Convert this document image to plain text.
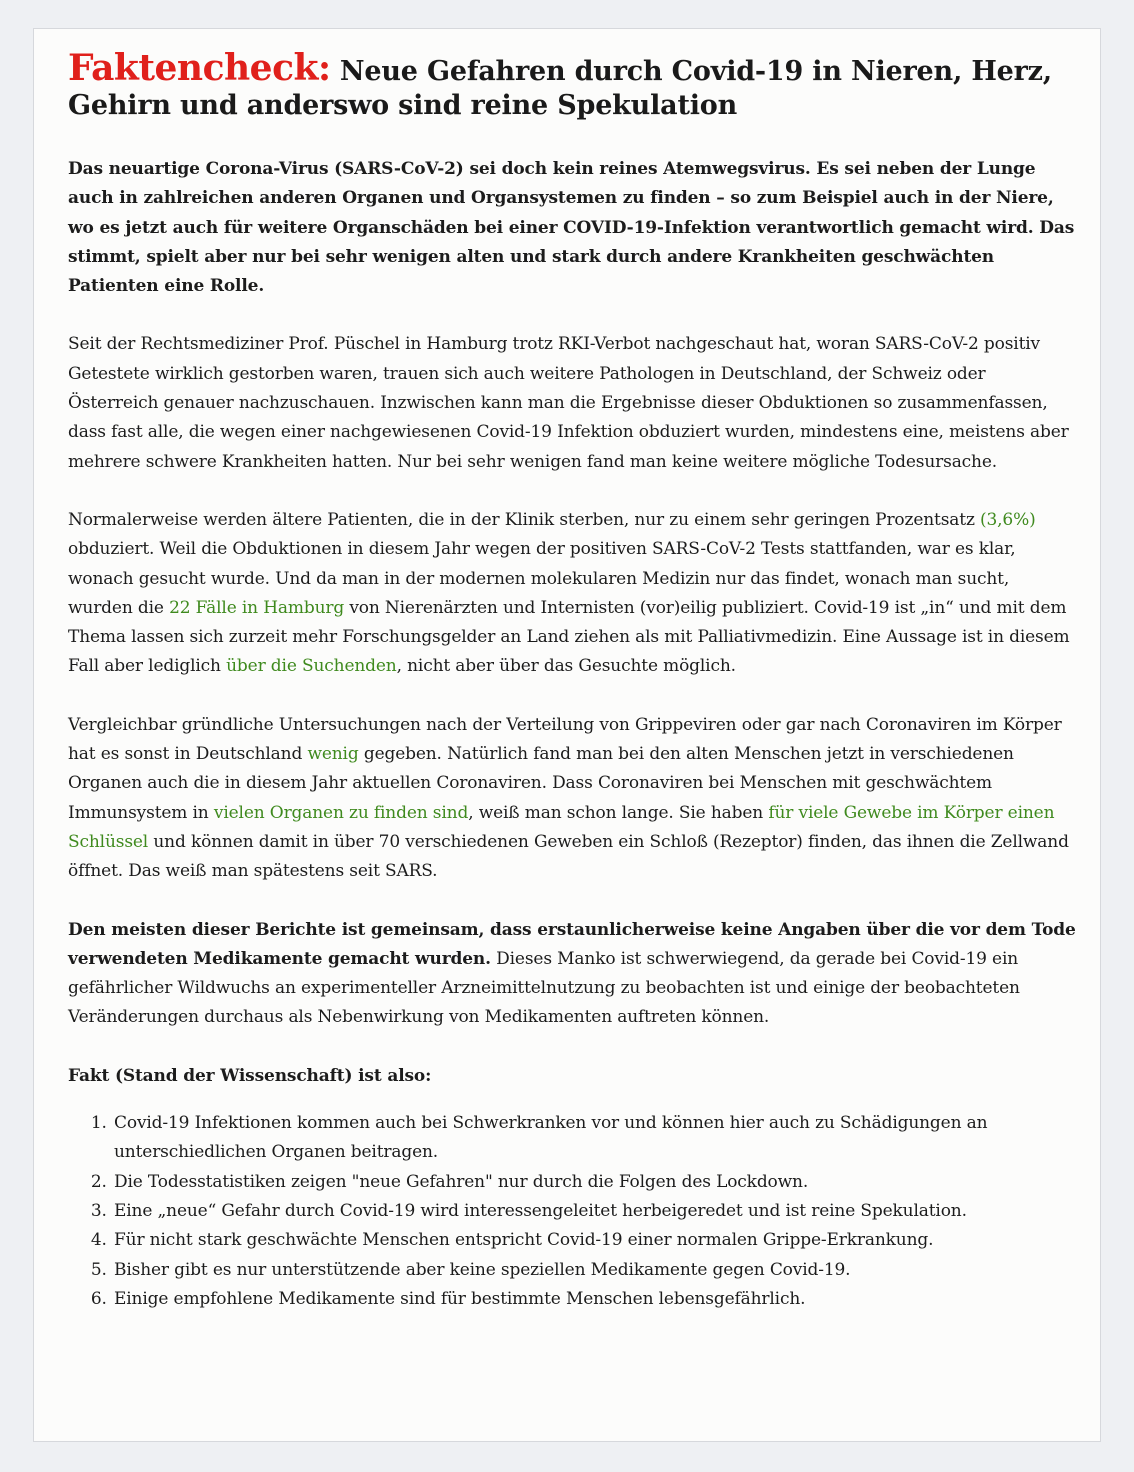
Faktencheck: Neue Gefahren durch Covid-19 in Nieren, Herz, Gehirn und anderswo sind reine Spekulation

Das neuartige Corona-Virus (SARS-CoV-2) sei doch kein reines Atemwegsvirus. Es sei neben der Lunge auch in zahlreichen anderen Organen und Organsystemen zu finden – so zum Beispiel auch in der Niere, wo es jetzt auch für weitere Organschäden bei einer COVID-19-Infektion verantwortlich gemacht wird. Das stimmt, spielt aber nur bei sehr wenigen alten und stark durch andere Krankheiten geschwächten Patienten eine Rolle.

Seit der Rechtsmediziner Prof. Püschel in Hamburg trotz RKI-Verbot nachgeschaut hat, woran SARS-CoV-2 positiv Getestete wirklich gestorben waren, trauen sich auch weitere Pathologen in Deutschland, der Schweiz oder Österreich genauer nachzuschauen. Inzwischen kann man die Ergebnisse dieser Obduktionen so zusammenfassen, dass fast alle, die wegen einer nachgewiesenen Covid-19 Infektion obduziert wurden, mindestens eine, meistens aber mehrere schwere Krankheiten hatten. Nur bei sehr wenigen fand man keine weitere mögliche Todesursache.

Normalerweise werden ältere Patienten, die in der Klinik sterben, nur zu einem sehr geringen Prozentsatz (3,6%) obduziert. Weil die Obduktionen in diesem Jahr wegen der positiven SARS-CoV-2 Tests stattfanden, war es klar, wonach gesucht wurde. Und da man in der modernen molekularen Medizin nur das findet, wonach man sucht, wurden die 22 Fälle in Hamburg von Nierenärzten und Internisten (vor)eilig publiziert. Covid-19 ist „in“ und mit dem Thema lassen sich zurzeit mehr Forschungsgelder an Land ziehen als mit Palliativmedizin. Eine Aussage ist in diesem Fall aber lediglich über die Suchenden, nicht aber über das Gesuchte möglich.

Vergleichbar gründliche Untersuchungen nach der Verteilung von Grippeviren oder gar nach Coronaviren im Körper hat es sonst in Deutschland wenig gegeben. Natürlich fand man bei den alten Menschen jetzt in verschiedenen Organen auch die in diesem Jahr aktuellen Coronaviren. Dass Coronaviren bei Menschen mit geschwächtem Immunsystem in vielen Organen zu finden sind, weiß man schon lange. Sie haben für viele Gewebe im Körper einen Schlüssel und können damit in über 70 verschiedenen Geweben ein Schloß (Rezeptor) finden, das ihnen die Zellwand öffnet. Das weiß man spätestens seit SARS.

Den meisten dieser Berichte ist gemeinsam, dass erstaunlicherweise keine Angaben über die vor dem Tode verwendeten Medikamente gemacht wurden. Dieses Manko ist schwerwiegend, da gerade bei Covid-19 ein gefährlicher Wildwuchs an experimenteller Arzneimittelnutzung zu beobachten ist und einige der beobachteten Veränderungen durchaus als Nebenwirkung von Medikamenten auftreten können.

Fakt (Stand der Wissenschaft) ist also:

1. Covid-19 Infektionen kommen auch bei Schwerkranken vor und können hier auch zu Schädigungen an unterschiedlichen Organen beitragen.
2. Die Todesstatistiken zeigen "neue Gefahren" nur durch die Folgen des Lockdown.
3. Eine „neue“ Gefahr durch Covid-19 wird interessengeleitet herbeigeredet und ist reine Spekulation.
4. Für nicht stark geschwächte Menschen entspricht Covid-19 einer normalen Grippe-Erkrankung.
5. Bisher gibt es nur unterstützende aber keine speziellen Medikamente gegen Covid-19.
6. Einige empfohlene Medikamente sind für bestimmte Menschen lebensgefährlich.
